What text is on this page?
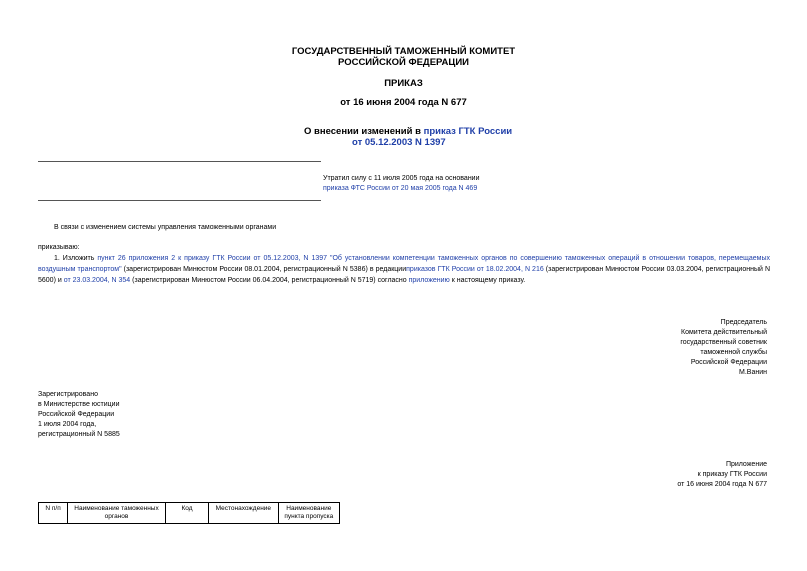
ГОСУДАРСТВЕННЫЙ ТАМОЖЕННЫЙ КОМИТЕТ
РОССИЙСКОЙ ФЕДЕРАЦИИ
ПРИКАЗ
от 16 июня 2004 года N 677
О внесении изменений в приказ ГТК России
от 05.12.2003 N 1397
Утратил силу с 11 июля 2005 года на основании
приказа ФТС России от 20 мая 2005 года N 469
В связи с изменением системы управления таможенными органами
приказываю:
1. Изложить пункт 26 приложения 2 к приказу ГТК России от 05.12.2003, N 1397 "Об установлении компетенции таможенных органов по совершению таможенных операций в отношении товаров, перемещаемых воздушным транспортом" (зарегистрирован Минюстом России 08.01.2004, регистрационный N 5386) в редакцииприказов ГТК России от 18.02.2004, N 216 (зарегистрирован Минюстом России 03.03.2004, регистрационный N 5600) и от 23.03.2004, N 354 (зарегистрирован Минюстом России 06.04.2004, регистрационный N 5719) согласно приложению к настоящему приказу.
Председатель
Комитета действительный
государственный советник
таможенной службы
Российской Федерации
М.Ванин
Зарегистрировано
в Министерстве юстиции
Российской Федерации
1 июля 2004 года,
регистрационный N 5885
Приложение
к приказу ГТК России
от 16 июня 2004 года N 677
N п/п	Наименование таможенных органов	Код	Местонахождение	Наименование пункта пропуска
